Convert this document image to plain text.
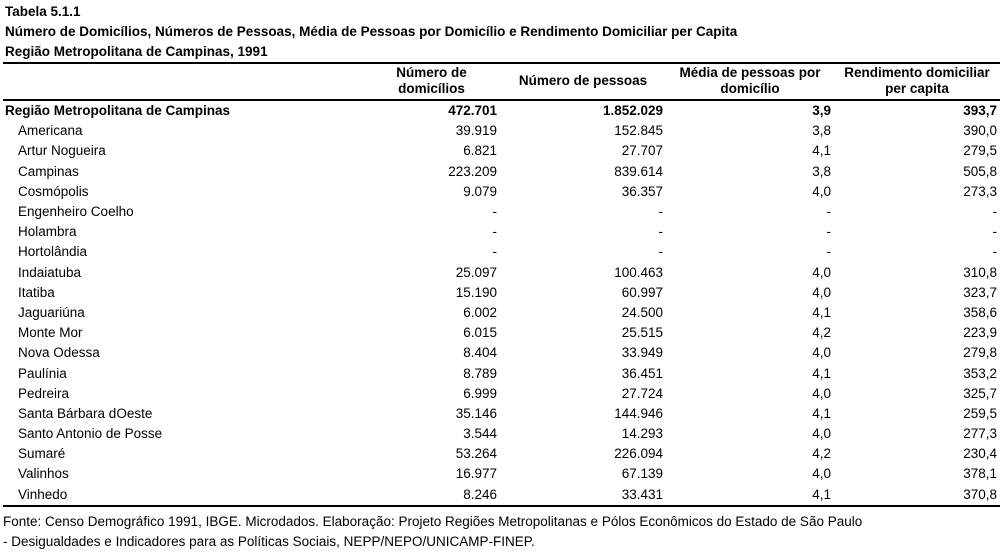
Tabela 5.1.1
Número de Domicílios, Números de Pessoas, Média de Pessoas por Domicílio e Rendimento Domiciliar per Capita
Região Metropolitana de Campinas, 1991
	Número de domicílios	Número de pessoas	Média de pessoas por domicílio	Rendimento domiciliar per capita
Região Metropolitana de Campinas	472.701	1.852.029	3,9	393,7
Americana	39.919	152.845	3,8	390,0
Artur Nogueira	6.821	27.707	4,1	279,5
Campinas	223.209	839.614	3,8	505,8
Cosmópolis	9.079	36.357	4,0	273,3
Engenheiro Coelho	-	-	-	-
Holambra	-	-	-	-
Hortolândia	-	-	-	-
Indaiatuba	25.097	100.463	4,0	310,8
Itatiba	15.190	60.997	4,0	323,7
Jaguariúna	6.002	24.500	4,1	358,6
Monte Mor	6.015	25.515	4,2	223,9
Nova Odessa	8.404	33.949	4,0	279,8
Paulínia	8.789	36.451	4,1	353,2
Pedreira	6.999	27.724	4,0	325,7
Santa Bárbara dOeste	35.146	144.946	4,1	259,5
Santo Antonio de Posse	3.544	14.293	4,0	277,3
Sumaré	53.264	226.094	4,2	230,4
Valinhos	16.977	67.139	4,0	378,1
Vinhedo	8.246	33.431	4,1	370,8
Fonte: Censo Demográfico 1991, IBGE. Microdados. Elaboração: Projeto Regiões Metropolitanas e Pólos Econômicos do Estado de São Paulo
- Desigualdades e Indicadores para as Políticas Sociais, NEPP/NEPO/UNICAMP-FINEP.
